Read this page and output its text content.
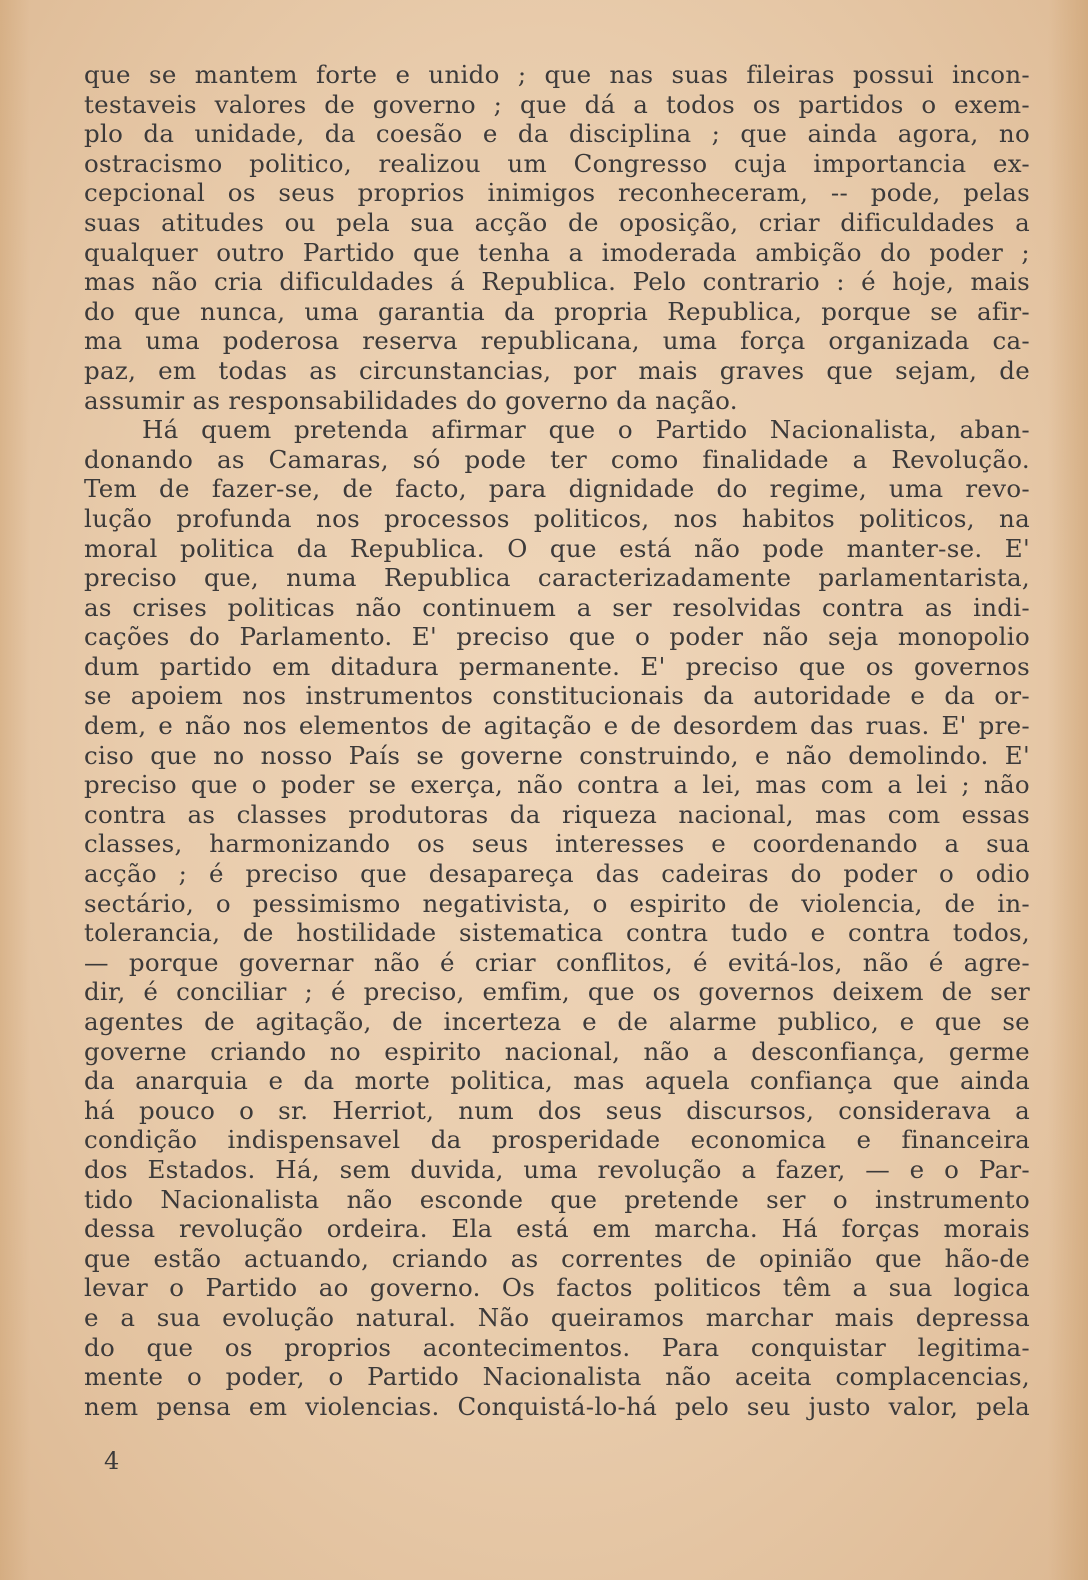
que se mantem forte e unido ; que nas suas fileiras possui incon-
testaveis valores de governo ; que dá a todos os partidos o exem-
plo da unidade, da coesão e da disciplina ; que ainda agora, no
ostracismo politico, realizou um Congresso cuja importancia ex-
cepcional os seus proprios inimigos reconheceram, -- pode, pelas
suas atitudes ou pela sua acção de oposição, criar dificuldades a
qualquer outro Partido que tenha a imoderada ambição do poder ;
mas não cria dificuldades á Republica. Pelo contrario : é hoje, mais
do que nunca, uma garantia da propria Republica, porque se afir-
ma uma poderosa reserva republicana, uma força organizada ca-
paz, em todas as circunstancias, por mais graves que sejam, de
assumir as responsabilidades do governo da nação.
Há quem pretenda afirmar que o Partido Nacionalista, aban-
donando as Camaras, só pode ter como finalidade a Revolução.
Tem de fazer-se, de facto, para dignidade do regime, uma revo-
lução profunda nos processos politicos, nos habitos politicos, na
moral politica da Republica. O que está não pode manter-se. E'
preciso que, numa Republica caracterizadamente parlamentarista,
as crises politicas não continuem a ser resolvidas contra as indi-
cações do Parlamento. E' preciso que o poder não seja monopolio
dum partido em ditadura permanente. E' preciso que os governos
se apoiem nos instrumentos constitucionais da autoridade e da or-
dem, e não nos elementos de agitação e de desordem das ruas. E' pre-
ciso que no nosso País se governe construindo, e não demolindo. E'
preciso que o poder se exerça, não contra a lei, mas com a lei ; não
contra as classes produtoras da riqueza nacional, mas com essas
classes, harmonizando os seus interesses e coordenando a sua
acção ; é preciso que desapareça das cadeiras do poder o odio
sectário, o pessimismo negativista, o espirito de violencia, de in-
tolerancia, de hostilidade sistematica contra tudo e contra todos,
— porque governar não é criar conflitos, é evitá-los, não é agre-
dir, é conciliar ; é preciso, emfim, que os governos deixem de ser
agentes de agitação, de incerteza e de alarme publico, e que se
governe criando no espirito nacional, não a desconfiança, germe
da anarquia e da morte politica, mas aquela confiança que ainda
há pouco o sr. Herriot, num dos seus discursos, considerava a
condição indispensavel da prosperidade economica e financeira
dos Estados. Há, sem duvida, uma revolução a fazer, — e o Par-
tido Nacionalista não esconde que pretende ser o instrumento
dessa revolução ordeira. Ela está em marcha. Há forças morais
que estão actuando, criando as correntes de opinião que hão-de
levar o Partido ao governo. Os factos politicos têm a sua logica
e a sua evolução natural. Não queiramos marchar mais depressa
do que os proprios acontecimentos. Para conquistar legitima-
mente o poder, o Partido Nacionalista não aceita complacencias,
nem pensa em violencias. Conquistá-lo-há pelo seu justo valor, pela
4
